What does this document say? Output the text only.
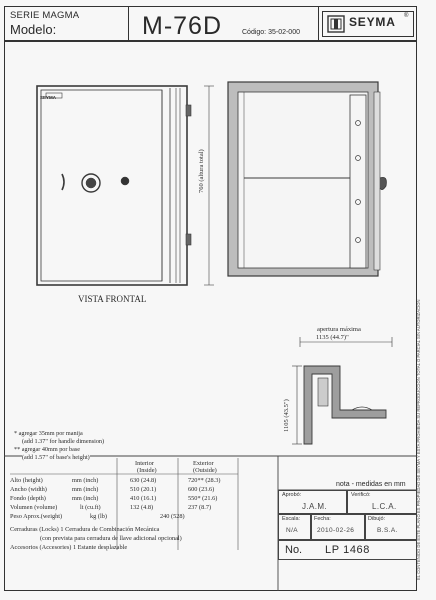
SERIE MAGMA
Modelo:	M-76D	Código: 35-02-000
SEYMA ®
EL CONTENIDO DE ESTE PLANO ES PROPIEDAD DE SEYMA Y ESTA PROHIBIDA SU REPRODUCCION TOTAL O PARCIAL SIN AUTORIZACION
SEYMA
760 (altura total)
VISTA FRONTAL
apertura máxima
1135 (44.7)"
1105 (43.5")
* agregar 35mm por manija
(add 1.37" for handle dimension)
** agregar 40mm por base
(add 1.57" of base's height)
Interior
(Inside)
Exterior
(Outside)
Alto (height)	mm (inch)	630 (24.8)	720** (28.3)
Ancho (width)	mm (inch)	510 (20.1)	600 (23.6)
Fondo (depth)	mm (inch)	410 (16.1)	550* (21.6)
Volumen (volume)	lt (cu.ft)	132 (4.8)	237 (8.7)
Peso Aprox.(weight)	kg (lb)	240 (528)
Cerraduras (Locks) 1 Cerradura de Combinación Mecánica
(con prevista para cerradura de llave adicional opcional)
Accesorios (Accesories) 1 Estante desplazable
nota - medidas en mm
Aprobó:
J.A.M.
Verificó:
L.C.A.
Escala:
N/A
Fecha:
2010-02-26
Dibujó:
B.S.A.
No. LP 1468
